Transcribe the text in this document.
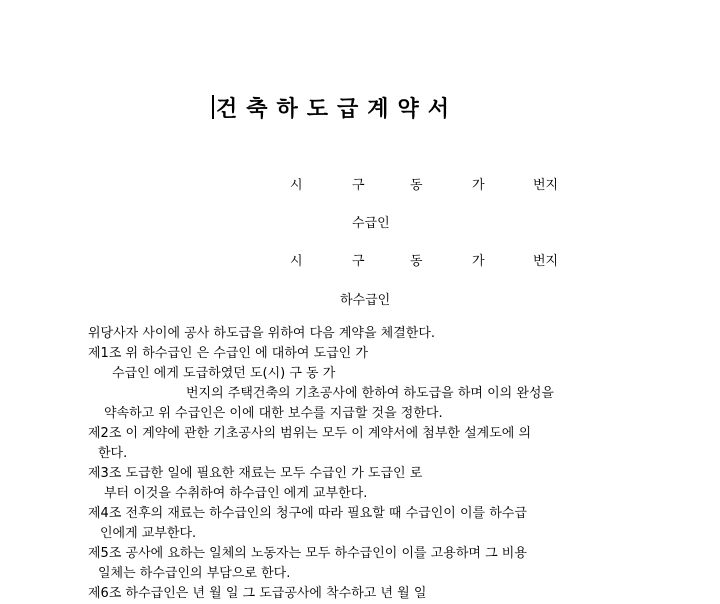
건축하도급계약서
시	구	동	가	번지
수급인
시	구	동	가	번지
하수급인
위당사자 사이에 공사 하도급을 위하여 다음 계약을 체결한다.
제1조 위 하수급인 은 수급인 에 대하여 도급인 가
수급인 에게 도급하였던 도(시) 구 동 가
번지의 주택건축의 기초공사에 한하여 하도급을 하며 이의 완성을
약속하고 위 수급인은 이에 대한 보수를 지급할 것을 정한다.
제2조 이 계약에 관한 기초공사의 범위는 모두 이 계약서에 첨부한 설계도에 의
한다.
제3조 도급한 일에 필요한 재료는 모두 수급인 가 도급인 로
부터 이것을 수취하여 하수급인 에게 교부한다.
제4조 전후의 재료는 하수급인의 청구에 따라 필요할 때 수급인이 이를 하수급
인에게 교부한다.
제5조 공사에 요하는 일체의 노동자는 모두 하수급인이 이를 고용하며 그 비용
일체는 하수급인의 부담으로 한다.
제6조 하수급인은 년 월 일 그 도급공사에 착수하고 년 월 일
